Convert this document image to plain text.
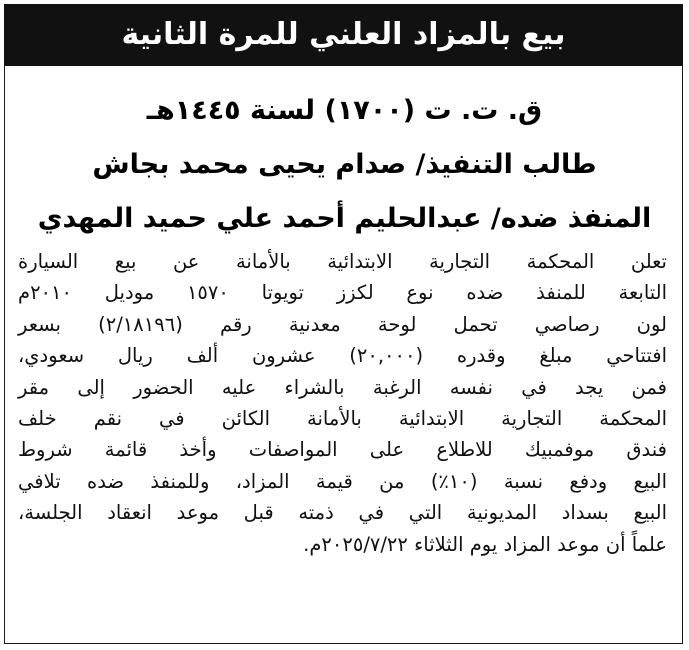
بيع بالمزاد العلني للمرة الثانية
ق. ت. ت (١٧٠٠) لسنة ١٤٤٥هـ
طالب التنفيذ/ صدام يحيى محمد بجاش
المنفذ ضده/ عبدالحليم أحمد علي حميد المهدي
تعلن المحكمة التجارية الابتدائية بالأمانة عن بيع السيارة
التابعة للمنفذ ضده نوع لكزز تويوتا ١٥٧٠ موديل ٢٠١٠م
لون رصاصي تحمل لوحة معدنية رقم (٢/١٨١٩٦) بسعر
افتتاحي مبلغ وقدره (٢٠,٠٠٠) عشرون ألف ريال سعودي،
فمن يجد في نفسه الرغبة بالشراء عليه الحضور إلى مقر
المحكمة التجارية الابتدائية بالأمانة الكائن في نقم خلف
فندق موفمبيك للاطلاع على المواصفات وأخذ قائمة شروط
البيع ودفع نسبة (١٠٪) من قيمة المزاد، وللمنفذ ضده تلافي
البيع بسداد المديونية التي في ذمته قبل موعد انعقاد الجلسة،
علماً أن موعد المزاد يوم الثلاثاء ٢٠٢٥/٧/٢٢م.
